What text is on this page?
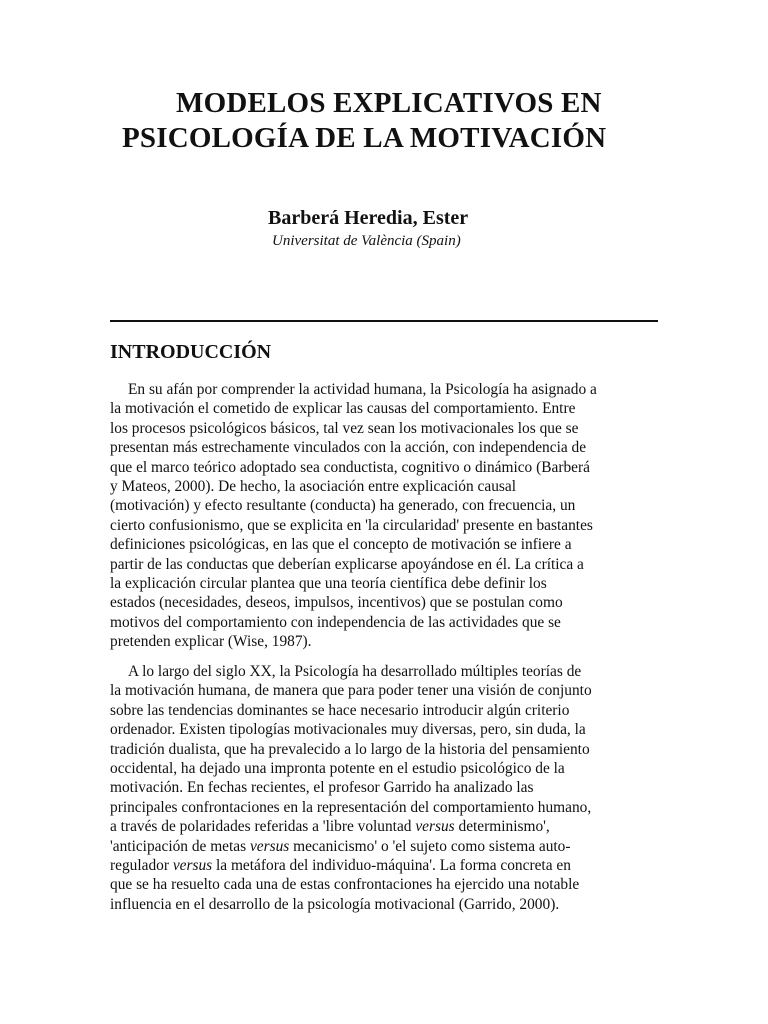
MODELOS EXPLICATIVOS EN
PSICOLOGÍA DE LA MOTIVACIÓN
Barberá Heredia, Ester
Universitat de València (Spain)
INTRODUCCIÓN
En su afán por comprender la actividad humana, la Psicología ha asignado a
la motivación el cometido de explicar las causas del comportamiento. Entre
los procesos psicológicos básicos, tal vez sean los motivacionales los que se
presentan más estrechamente vinculados con la acción, con independencia de
que el marco teórico adoptado sea conductista, cognitivo o dinámico (Barberá
y Mateos, 2000). De hecho, la asociación entre explicación causal
(motivación) y efecto resultante (conducta) ha generado, con frecuencia, un
cierto confusionismo, que se explicita en 'la circularidad' presente en bastantes
definiciones psicológicas, en las que el concepto de motivación se infiere a
partir de las conductas que deberían explicarse apoyándose en él. La crítica a
la explicación circular plantea que una teoría científica debe definir los
estados (necesidades, deseos, impulsos, incentivos) que se postulan como
motivos del comportamiento con independencia de las actividades que se
pretenden explicar (Wise, 1987).
A lo largo del siglo XX, la Psicología ha desarrollado múltiples teorías de
la motivación humana, de manera que para poder tener una visión de conjunto
sobre las tendencias dominantes se hace necesario introducir algún criterio
ordenador. Existen tipologías motivacionales muy diversas, pero, sin duda, la
tradición dualista, que ha prevalecido a lo largo de la historia del pensamiento
occidental, ha dejado una impronta potente en el estudio psicológico de la
motivación. En fechas recientes, el profesor Garrido ha analizado las
principales confrontaciones en la representación del comportamiento humano,
a través de polaridades referidas a 'libre voluntad versus determinismo',
'anticipación de metas versus mecanicismo' o 'el sujeto como sistema auto-
regulador versus la metáfora del individuo-máquina'. La forma concreta en
que se ha resuelto cada una de estas confrontaciones ha ejercido una notable
influencia en el desarrollo de la psicología motivacional (Garrido, 2000).
